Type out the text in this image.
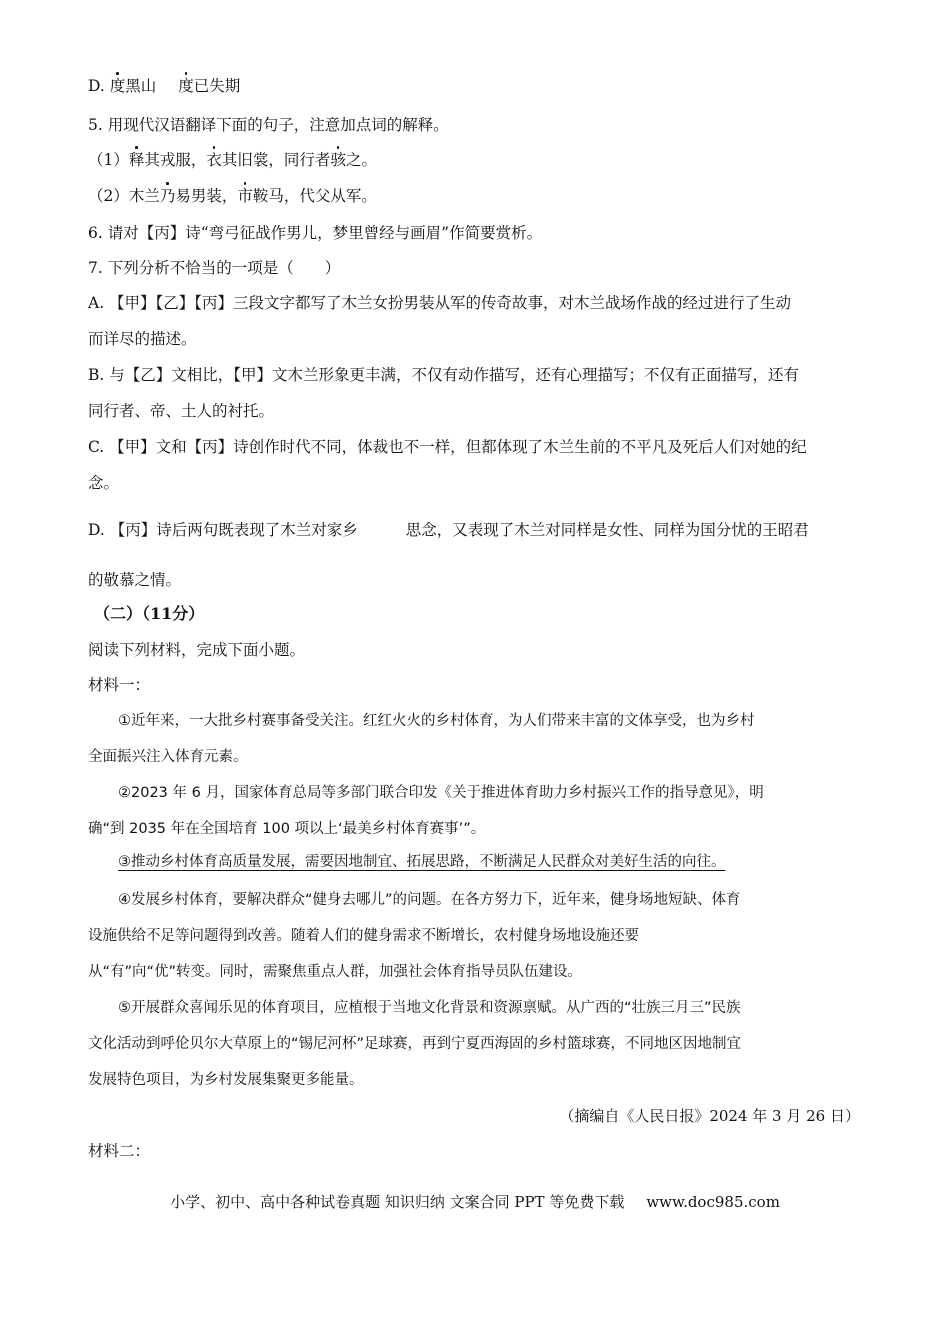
D. 度黑山 度已失期
5. 用现代汉语翻译下面的句子，注意加点词的解释。
（1）释其戎服，衣其旧裳，同行者骇之。
（2）木兰乃易男装，市鞍马，代父从军。
6. 请对【丙】诗“弯弓征战作男儿，梦里曾经与画眉”作简要赏析。
7. 下列分析不恰当的一项是（　　）
A. 【甲】【乙】【丙】三段文字都写了木兰女扮男装从军的传奇故事，对木兰战场作战的经过进行了生动
而详尽的描述。
B. 与【乙】文相比，【甲】文木兰形象更丰满，不仅有动作描写，还有心理描写；不仅有正面描写，还有
同行者、帝、土人的衬托。
C. 【甲】文和【丙】诗创作时代不同，体裁也不一样，但都体现了木兰生前的不平凡及死后人们对她的纪
念。
D. 【丙】诗后两句既表现了木兰对家乡	思念，又表现了木兰对同样是女性、同样为国分忧的王昭君
的敬慕之情。
（二）（11分）
阅读下列材料，完成下面小题。
材料一：
①近年来，一大批乡村赛事备受关注。红红火火的乡村体育，为人们带来丰富的文体享受，也为乡村
全面振兴注入体育元素。
②2023 年 6 月，国家体育总局等多部门联合印发《关于推进体育助力乡村振兴工作的指导意见》，明
确“到 2035 年在全国培育 100 项以上‘最美乡村体育赛事’”。
③推动乡村体育高质量发展，需要因地制宜、拓展思路，不断满足人民群众对美好生活的向往。
④发展乡村体育，要解决群众“健身去哪儿”的问题。在各方努力下，近年来，健身场地短缺、体育
设施供给不足等问题得到改善。随着人们的健身需求不断增长，农村健身场地设施还要
从“有”向“优”转变。同时，需聚焦重点人群，加强社会体育指导员队伍建设。
⑤开展群众喜闻乐见的体育项目，应植根于当地文化背景和资源禀赋。从广西的“壮族三月三”民族
文化活动到呼伦贝尔大草原上的“锡尼河杯”足球赛，再到宁夏西海固的乡村篮球赛，不同地区因地制宜
发展特色项目，为乡村发展集聚更多能量。
（摘编自《人民日报》2024 年 3 月 26 日）
材料二：
小学、初中、高中各种试卷真题 知识归纳 文案合同 PPT 等免费下载 www.doc985.com
